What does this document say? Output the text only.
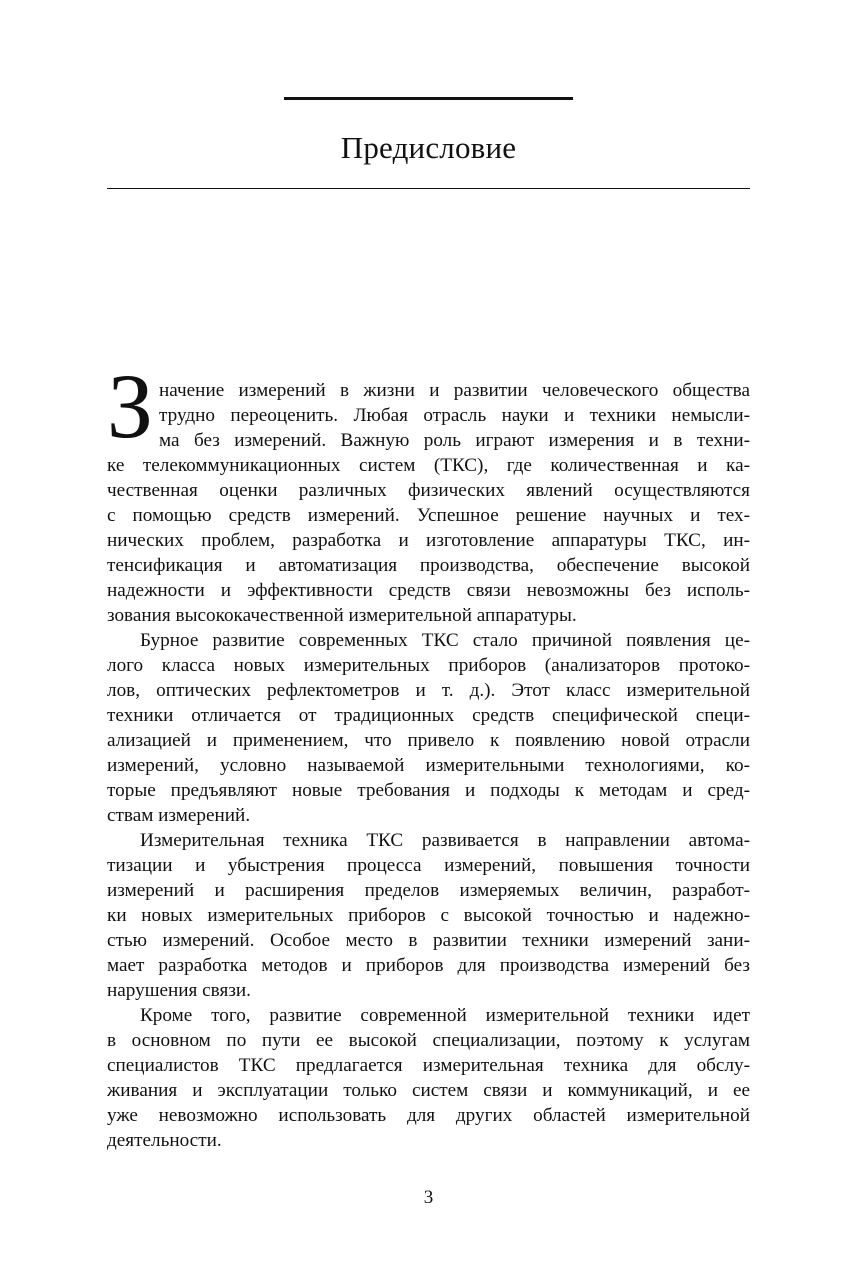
Предисловие
З начение измерений в жизни и развитии человеческого общества
трудно переоценить. Любая отрасль науки и техники немысли-
ма без измерений. Важную роль играют измерения и в техни-
ке телекоммуникационных систем (ТКС), где количественная и ка-
чественная оценки различных физических явлений осуществляются
с помощью средств измерений. Успешное решение научных и тех-
нических проблем, разработка и изготовление аппаратуры ТКС, ин-
тенсификация и автоматизация производства, обеспечение высокой
надежности и эффективности средств связи невозможны без исполь-
зования высококачественной измерительной аппаратуры.
Бурное развитие современных ТКС стало причиной появления це-
лого класса новых измерительных приборов (анализаторов протоко-
лов, оптических рефлектометров и т. д.). Этот класс измерительной
техники отличается от традиционных средств специфической специ-
ализацией и применением, что привело к появлению новой отрасли
измерений, условно называемой измерительными технологиями, ко-
торые предъявляют новые требования и подходы к методам и сред-
ствам измерений.
Измерительная техника ТКС развивается в направлении автома-
тизации и убыстрения процесса измерений, повышения точности
измерений и расширения пределов измеряемых величин, разработ-
ки новых измерительных приборов с высокой точностью и надежно-
стью измерений. Особое место в развитии техники измерений зани-
мает разработка методов и приборов для производства измерений без
нарушения связи.
Кроме того, развитие современной измерительной техники идет
в основном по пути ее высокой специализации, поэтому к услугам
специалистов ТКС предлагается измерительная техника для обслу-
живания и эксплуатации только систем связи и коммуникаций, и ее
уже невозможно использовать для других областей измерительной
деятельности.
3
